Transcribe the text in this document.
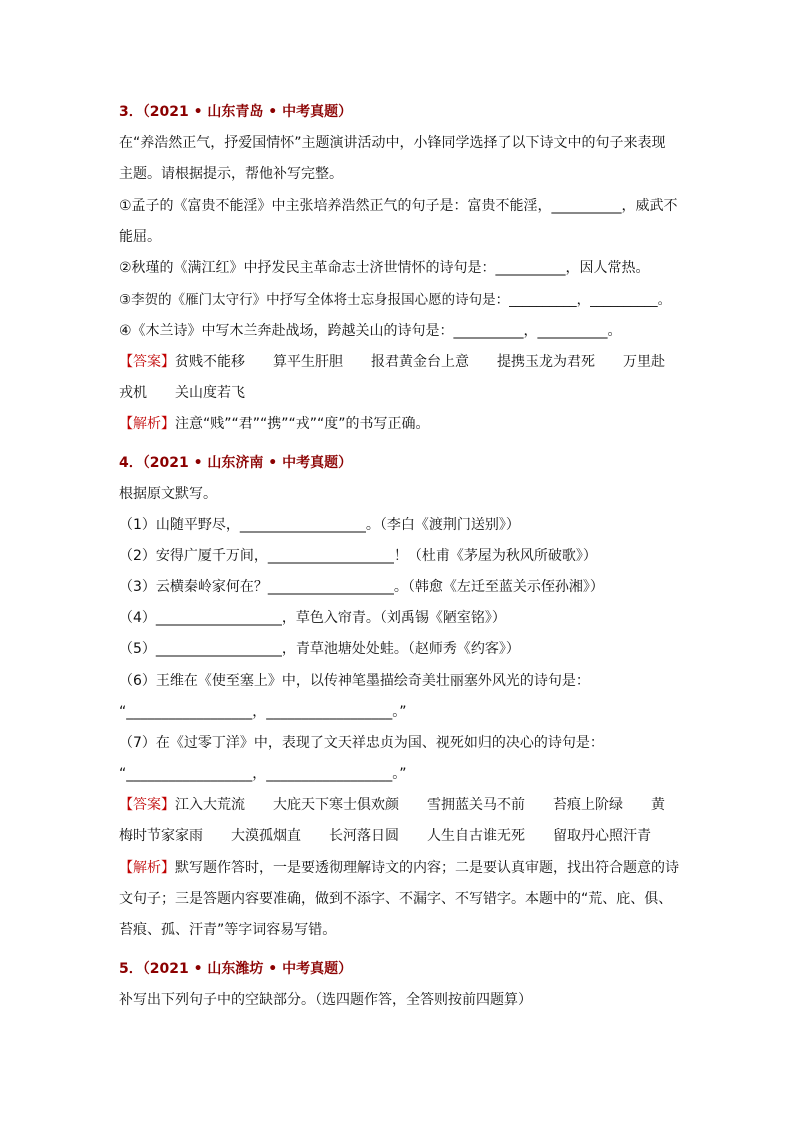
3．（2021 • 山东青岛 • 中考真题）
在“养浩然正气，抒爱国情怀”主题演讲活动中，小锋同学选择了以下诗文中的句子来表现
主题。请根据提示，帮他补写完整。
①孟子的《富贵不能淫》中主张培养浩然正气的句子是：富贵不能淫，__________，威武不
能屈。
②秋瑾的《满江红》中抒发民主革命志士济世情怀的诗句是：__________，因人常热。
③李贺的《雁门太守行》中抒写全体将士忘身报国心愿的诗句是：__________，__________。
④《木兰诗》中写木兰奔赴战场，跨越关山的诗句是：__________，__________。
【答案】贫贱不能移　　算平生肝胆　　报君黄金台上意　　提携玉龙为君死　　万里赴
戎机　　关山度若飞
【解析】注意“贱”“君”“携”“戎”“度”的书写正确。
4．（2021 • 山东济南 • 中考真题）
根据原文默写。
（1）山随平野尽，__________________。（李白《渡荆门送别》）
（2）安得广厦千万间，__________________！（杜甫《茅屋为秋风所破歌》）
（3）云横秦岭家何在？__________________。（韩愈《左迁至蓝关示侄孙湘》）
（4）__________________，草色入帘青。（刘禹锡《陋室铭》）
（5）__________________，青草池塘处处蛙。（赵师秀《约客》）
（6）王维在《使至塞上》中，以传神笔墨描绘奇美壮丽塞外风光的诗句是：
“__________________，__________________。”
（7）在《过零丁洋》中，表现了文天祥忠贞为国、视死如归的决心的诗句是：
“__________________，__________________。”
【答案】江入大荒流　　大庇天下寒士俱欢颜　　雪拥蓝关马不前　　苔痕上阶绿　　黄
梅时节家家雨　　大漠孤烟直　　长河落日圆　　人生自古谁无死　　留取丹心照汗青
【解析】默写题作答时，一是要透彻理解诗文的内容；二是要认真审题，找出符合题意的诗
文句子；三是答题内容要准确，做到不添字、不漏字、不写错字。本题中的“荒、庇、俱、
苔痕、孤、汗青”等字词容易写错。
5．（2021 • 山东潍坊 • 中考真题）
补写出下列句子中的空缺部分。（选四题作答，全答则按前四题算）
